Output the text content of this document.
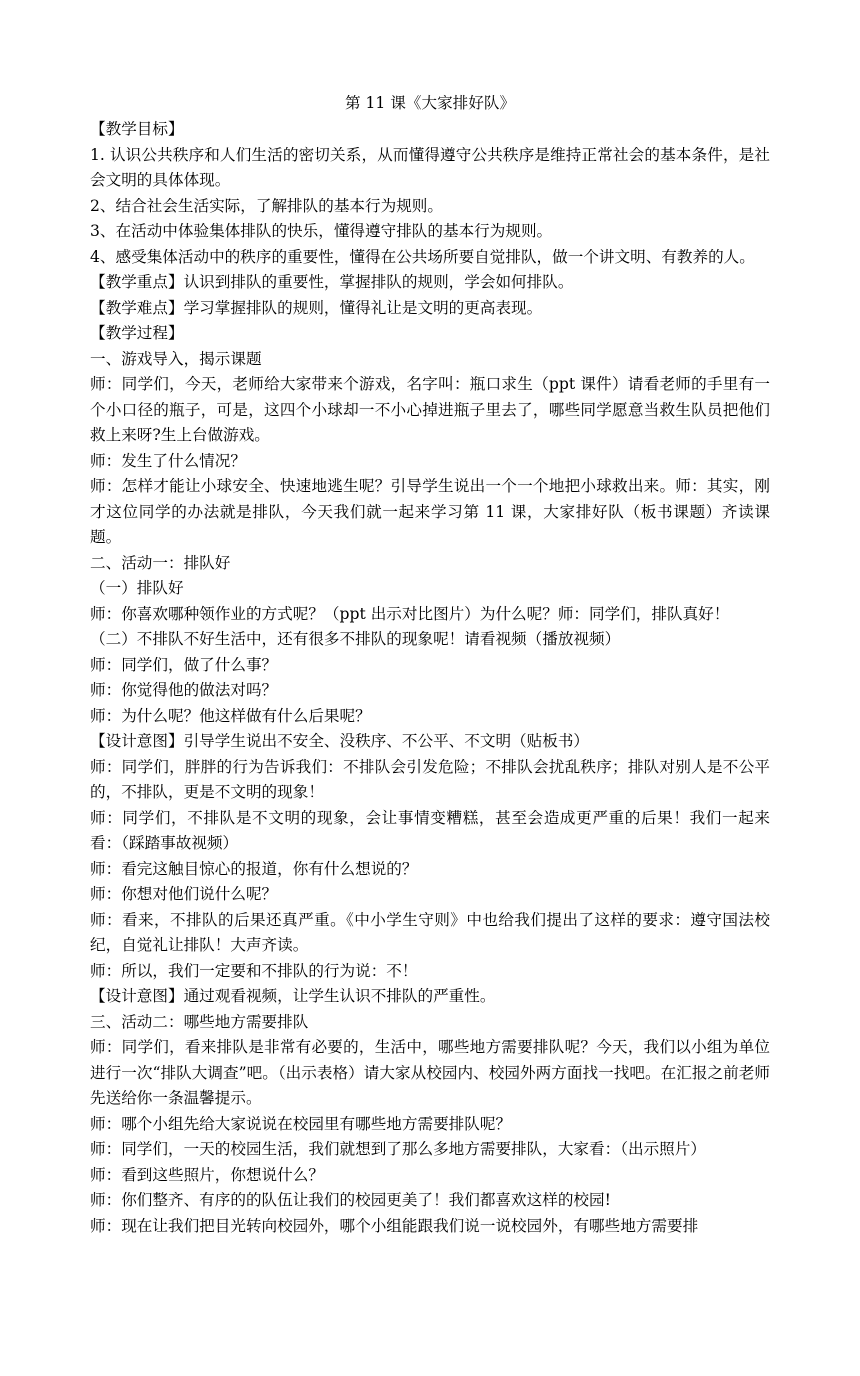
第 11 课《大家排好队》

【教学目标】

1. 认识公共秩序和人们生活的密切关系，从而懂得遵守公共秩序是维持正常社会的基本条件，是社会文明的具体体现。

2、结合社会生活实际，了解排队的基本行为规则。

3、在活动中体验集体排队的快乐，懂得遵守排队的基本行为规则。

4、感受集体活动中的秩序的重要性，懂得在公共场所要自觉排队，做一个讲文明、有教养的人。

【教学重点】认识到排队的重要性，掌握排队的规则，学会如何排队。

【教学难点】学习掌握排队的规则，懂得礼让是文明的更高表现。

【教学过程】

一、游戏导入，揭示课题

师：同学们，今天，老师给大家带来个游戏，名字叫：瓶口求生（ppt 课件）请看老师的手里有一个小口径的瓶子，可是，这四个小球却一不小心掉进瓶子里去了，哪些同学愿意当救生队员把他们救上来呀?生上台做游戏。

师：发生了什么情况？

师：怎样才能让小球安全、快速地逃生呢？引导学生说出一个一个地把小球救出来。师：其实，刚才这位同学的办法就是排队，今天我们就一起来学习第 11 课，大家排好队（板书课题）齐读课题。

二、活动一：排队好

（一）排队好

师：你喜欢哪种领作业的方式呢？（ppt 出示对比图片）为什么呢？师：同学们，排队真好！

（二）不排队不好生活中，还有很多不排队的现象呢！请看视频（播放视频）

师：同学们，做了什么事？

师：你觉得他的做法对吗？

师：为什么呢？他这样做有什么后果呢？

【设计意图】引导学生说出不安全、没秩序、不公平、不文明（贴板书）

师：同学们，胖胖的行为告诉我们：不排队会引发危险；不排队会扰乱秩序；排队对别人是不公平的，不排队，更是不文明的现象！

师：同学们，不排队是不文明的现象，会让事情变糟糕，甚至会造成更严重的后果！我们一起来看：（踩踏事故视频）

师：看完这触目惊心的报道，你有什么想说的？

师：你想对他们说什么呢？

师：看来，不排队的后果还真严重。《中小学生守则》中也给我们提出了这样的要求：遵守国法校纪，自觉礼让排队！大声齐读。

师：所以，我们一定要和不排队的行为说：不！

【设计意图】通过观看视频，让学生认识不排队的严重性。

三、活动二：哪些地方需要排队

师：同学们，看来排队是非常有必要的，生活中，哪些地方需要排队呢？今天，我们以小组为单位进行一次“排队大调查”吧。（出示表格）请大家从校园内、校园外两方面找一找吧。在汇报之前老师先送给你一条温馨提示。

师：哪个小组先给大家说说在校园里有哪些地方需要排队呢？

师：同学们，一天的校园生活，我们就想到了那么多地方需要排队，大家看：（出示照片）

师：看到这些照片，你想说什么？

师：你们整齐、有序的的队伍让我们的校园更美了！我们都喜欢这样的校园!

师：现在让我们把目光转向校园外，哪个小组能跟我们说一说校园外，有哪些地方需要排
